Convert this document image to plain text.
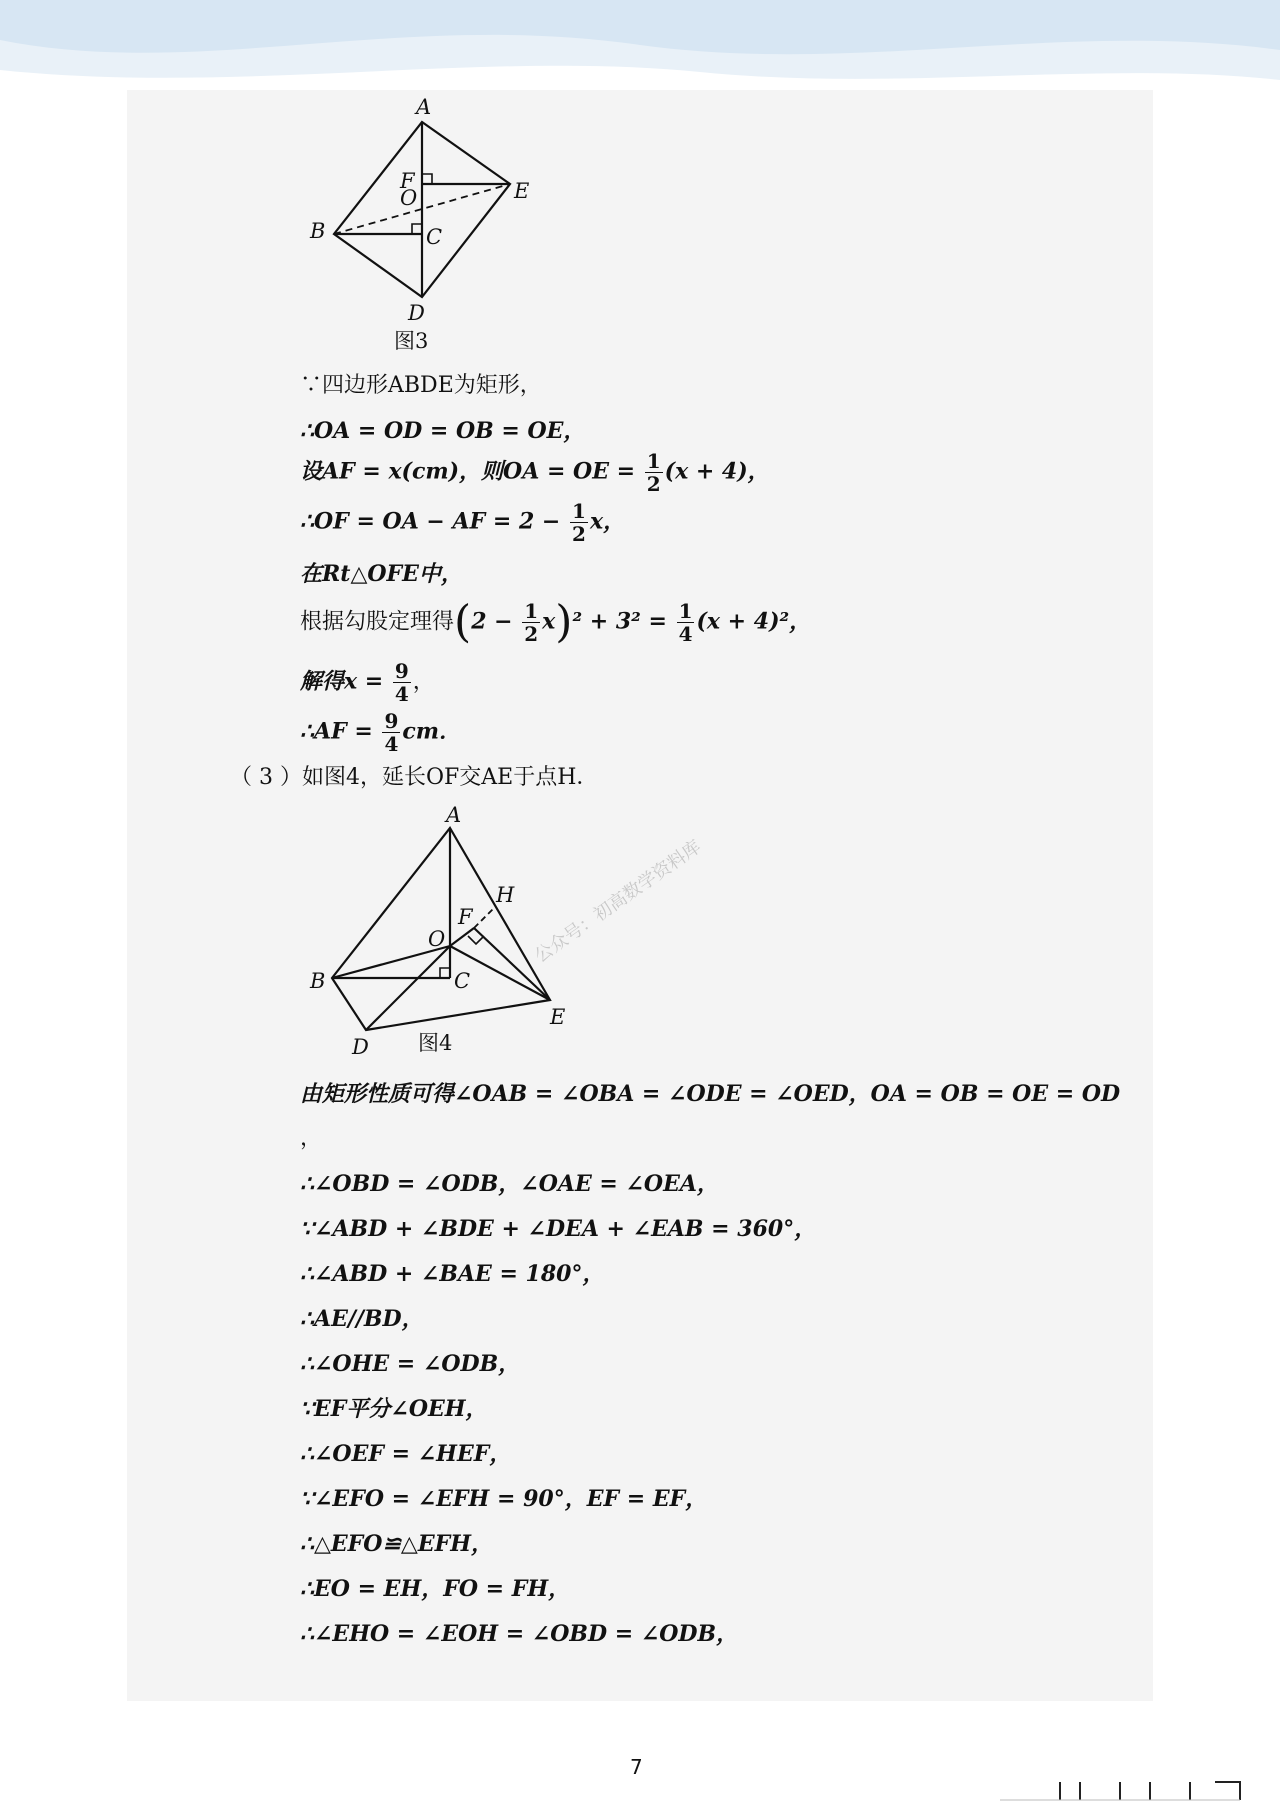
A
E
F
O
B	C
D
图3
∵四边形ABDE为矩形，
∴OA = OD = OB = OE，
设AF = x(cm)，则OA = OE = $\frac{1}{2} (x + 4)$，
∴OF = OA − AF = $2 - \frac{1}{2}$ x，
在Rt△OFE中，
根据勾股定理得$(2 - \frac{1}{2} x)^2 + 3^2 = \frac{1}{4} (x + 4)^2$，
解得$x = \frac{9}{4}$ ，
∴AF = $\frac{9}{4}$ cm．
（ 3 ）如图4，延长OF交AE于点H．
A
H
F
O
B	C
E
D 图4
公众号：初高数学资料库
由矩形性质可得∠OAB = ∠OBA = ∠ODE = ∠OED，OA = OB = OE = OD
，
∴∠OBD = ∠ODB，∠OAE = ∠OEA，
∵∠ABD + ∠BDE + ∠DEA + ∠EAB = 360°，
∴∠ABD + ∠BAE = 180°，
∴AE//BD，
∴∠OHE = ∠ODB，
∵EF平分∠OEH，
∴∠OEF = ∠HEF，
∵∠EFO = ∠EFH = 90°，EF = EF，
∴△EFO≌△EFH，
∴EO = EH，FO = FH，
∴∠EHO = ∠EOH = ∠OBD = ∠ODB，
7
